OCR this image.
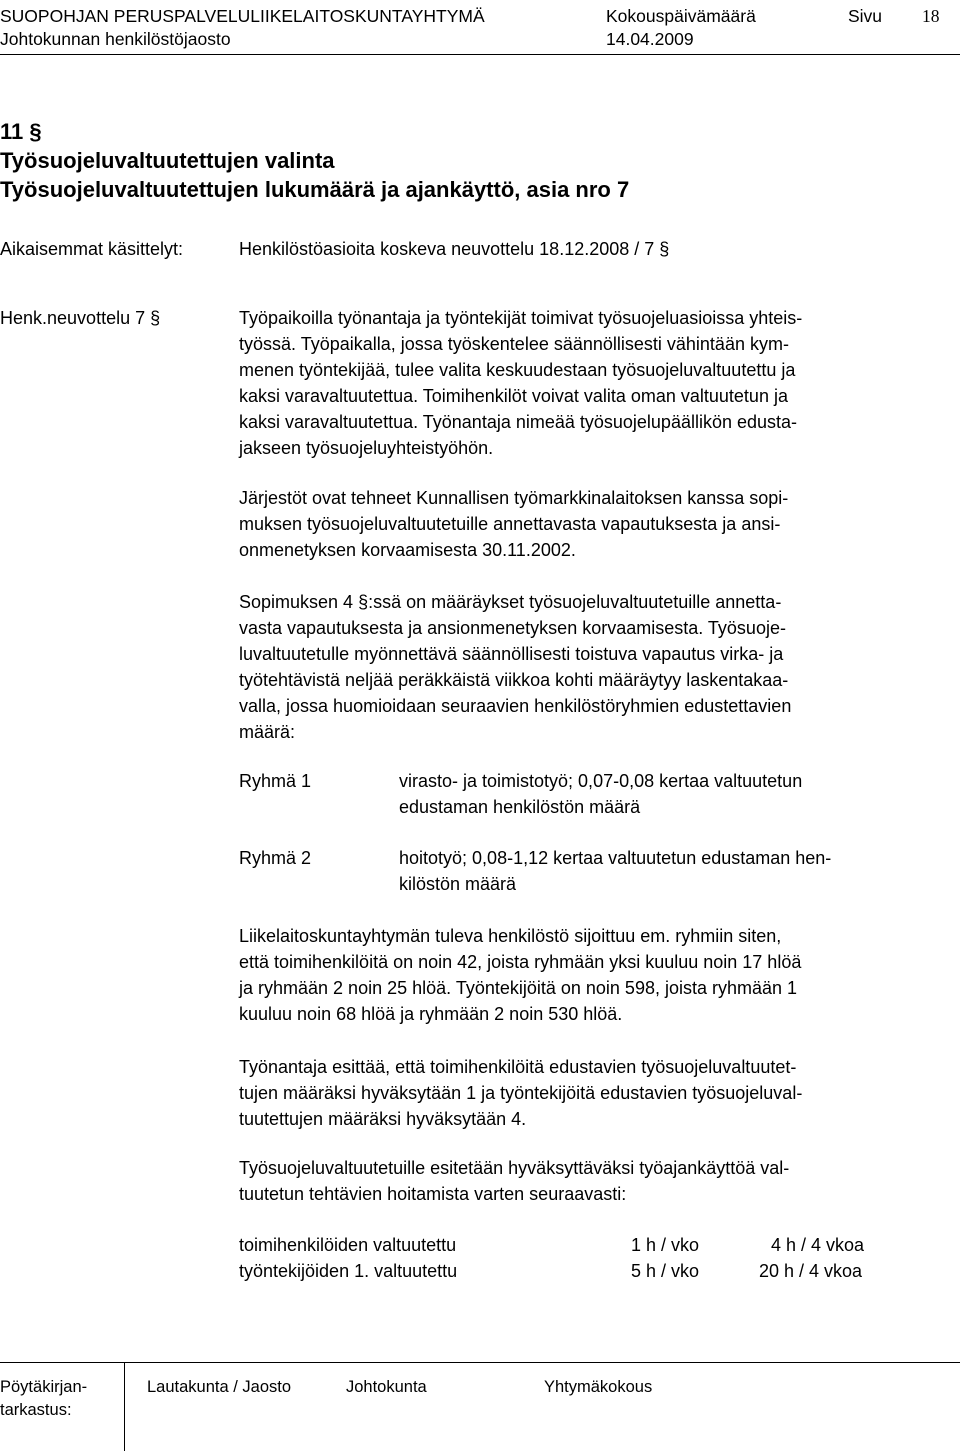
SUOPOHJAN PERUSPALVELULIIKELAITOSKUNTAYHTYMÄ	Kokouspäivämäärä	Sivu 18
Johtokunnan henkilöstöjaosto	14.04.2009
11 §
Työsuojeluvaltuutettujen valinta
Työsuojeluvaltuutettujen lukumäärä ja ajankäyttö, asia nro 7
Aikaisemmat käsittelyt:	Henkilöstöasioita koskeva neuvottelu 18.12.2008 / 7 §
Henk.neuvottelu 7 §	Työpaikoilla työnantaja ja työntekijät toimivat työsuojeluasioissa yhteis-
työssä. Työpaikalla, jossa työskentelee säännöllisesti vähintään kym-
menen työntekijää, tulee valita keskuudestaan työsuojeluvaltuutettu ja
kaksi varavaltuutettua. Toimihenkilöt voivat valita oman valtuutetun ja
kaksi varavaltuutettua. Työnantaja nimeää työsuojelupäällikön edusta-
jakseen työsuojeluyhteistyöhön.
Järjestöt ovat tehneet Kunnallisen työmarkkinalaitoksen kanssa sopi-
muksen työsuojeluvaltuutetuille annettavasta vapautuksesta ja ansi-
onmenetyksen korvaamisesta 30.11.2002.
Sopimuksen 4 §:ssä on määräykset työsuojeluvaltuutetuille annetta-
vasta vapautuksesta ja ansionmenetyksen korvaamisesta. Työsuoje-
luvaltuutetulle myönnettävä säännöllisesti toistuva vapautus virka- ja
työtehtävistä neljää peräkkäistä viikkoa kohti määräytyy laskentakaa-
valla, jossa huomioidaan seuraavien henkilöstöryhmien edustettavien
määrä:
Ryhmä 1	virasto- ja toimistotyö; 0,07-0,08 kertaa valtuutetun
edustaman henkilöstön määrä
Ryhmä 2	hoitotyö; 0,08-1,12 kertaa valtuutetun edustaman hen-
kilöstön määrä
Liikelaitoskuntayhtymän tuleva henkilöstö sijoittuu em. ryhmiin siten,
että toimihenkilöitä on noin 42, joista ryhmään yksi kuuluu noin 17 hlöä
ja ryhmään 2 noin 25 hlöä. Työntekijöitä on noin 598, joista ryhmään 1
kuuluu noin 68 hlöä ja ryhmään 2 noin 530 hlöä.
Työnantaja esittää, että toimihenkilöitä edustavien työsuojeluvaltuutet-
tujen määräksi hyväksytään 1 ja työntekijöitä edustavien työsuojeluval-
tuutettujen määräksi hyväksytään 4.
Työsuojeluvaltuutetuille esitetään hyväksyttäväksi työajankäyttöä val-
tuutetun tehtävien hoitamista varten seuraavasti:
toimihenkilöiden valtuutettu	1 h / vko	4 h / 4 vkoa
työntekijöiden 1. valtuutettu	5 h / vko	20 h / 4 vkoa
Pöytäkirjan-
tarkastus:
Lautakunta / Jaosto	Johtokunta	Yhtymäkokous
